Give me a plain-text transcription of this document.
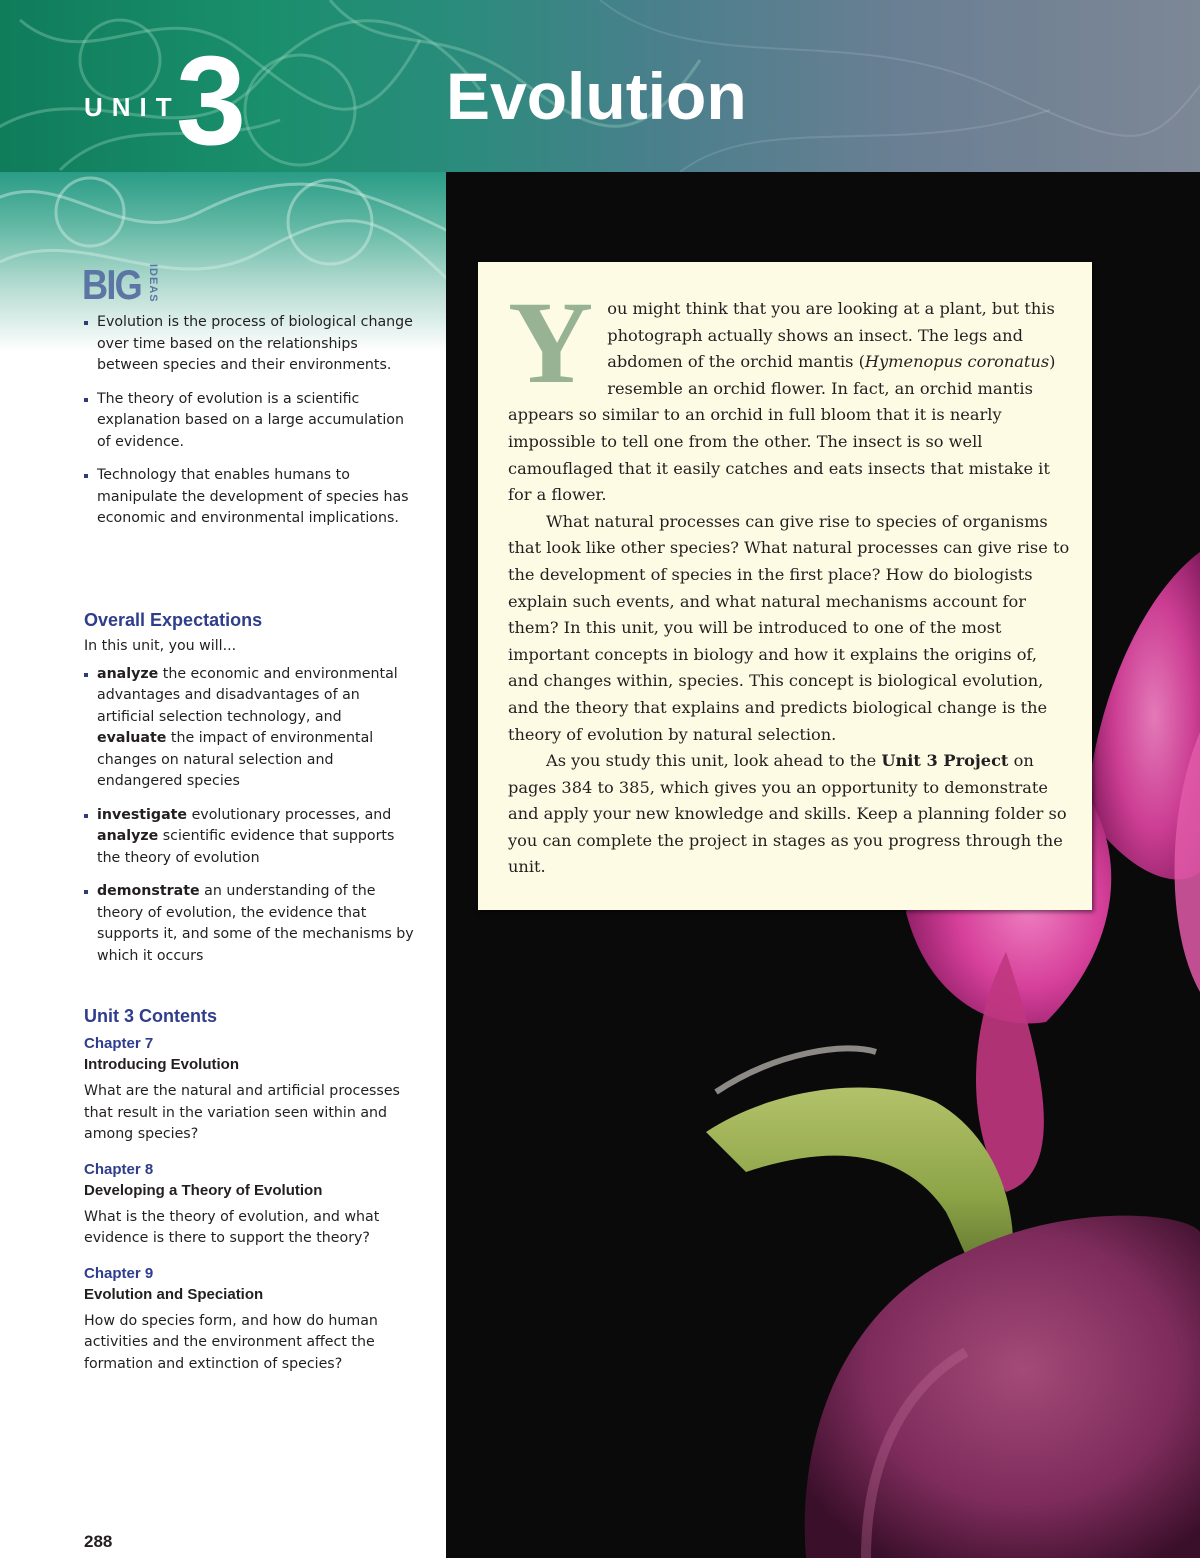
UNIT
3	Evolution
Y ou might think that you are looking at a plant, but this photograph actually shows an insect. The legs and abdomen of the orchid mantis (Hymenopus coronatus) resemble an orchid flower. In fact, an orchid mantis appears so similar to an orchid in full bloom that it is nearly impossible to tell one from the other. The insect is so well camouflaged that it easily catches and eats insects that mistake it for a flower.

What natural processes can give rise to species of organisms that look like other species? What natural processes can give rise to the development of species in the first place? How do biologists explain such events, and what natural mechanisms account for them? In this unit, you will be introduced to one of the most important concepts in biology and how it explains the origins of, and changes within, species. This concept is biological evolution, and the theory that explains and predicts biological change is the theory of evolution by natural selection.

As you study this unit, look ahead to the Unit 3 Project on pages 384 to 385, which gives you an opportunity to demonstrate and apply your new knowledge and skills. Keep a planning folder so you can complete the project in stages as you progress through the unit.

BIG IDEAS
Evolution is the process of biological change over time based on the relationships between species and their environments.
The theory of evolution is a scientific explanation based on a large accumulation of evidence.
Technology that enables humans to manipulate the development of species has economic and environmental implications.
Overall Expectations
In this unit, you will...
analyze the economic and environmental advantages and disadvantages of an artificial selection technology, and evaluate the impact of environmental changes on natural selection and endangered species
investigate evolutionary processes, and analyze scientific evidence that supports the theory of evolution
demonstrate an understanding of the theory of evolution, the evidence that supports it, and some of the mechanisms by which it occurs
Unit 3 Contents
Chapter 7
Introducing Evolution
What are the natural and artificial processes that result in the variation seen within and among species?
Chapter 8
Developing a Theory of Evolution
What is the theory of evolution, and what evidence is there to support the theory?
Chapter 9
Evolution and Speciation
How do species form, and how do human activities and the environment affect the formation and extinction of species?
288
